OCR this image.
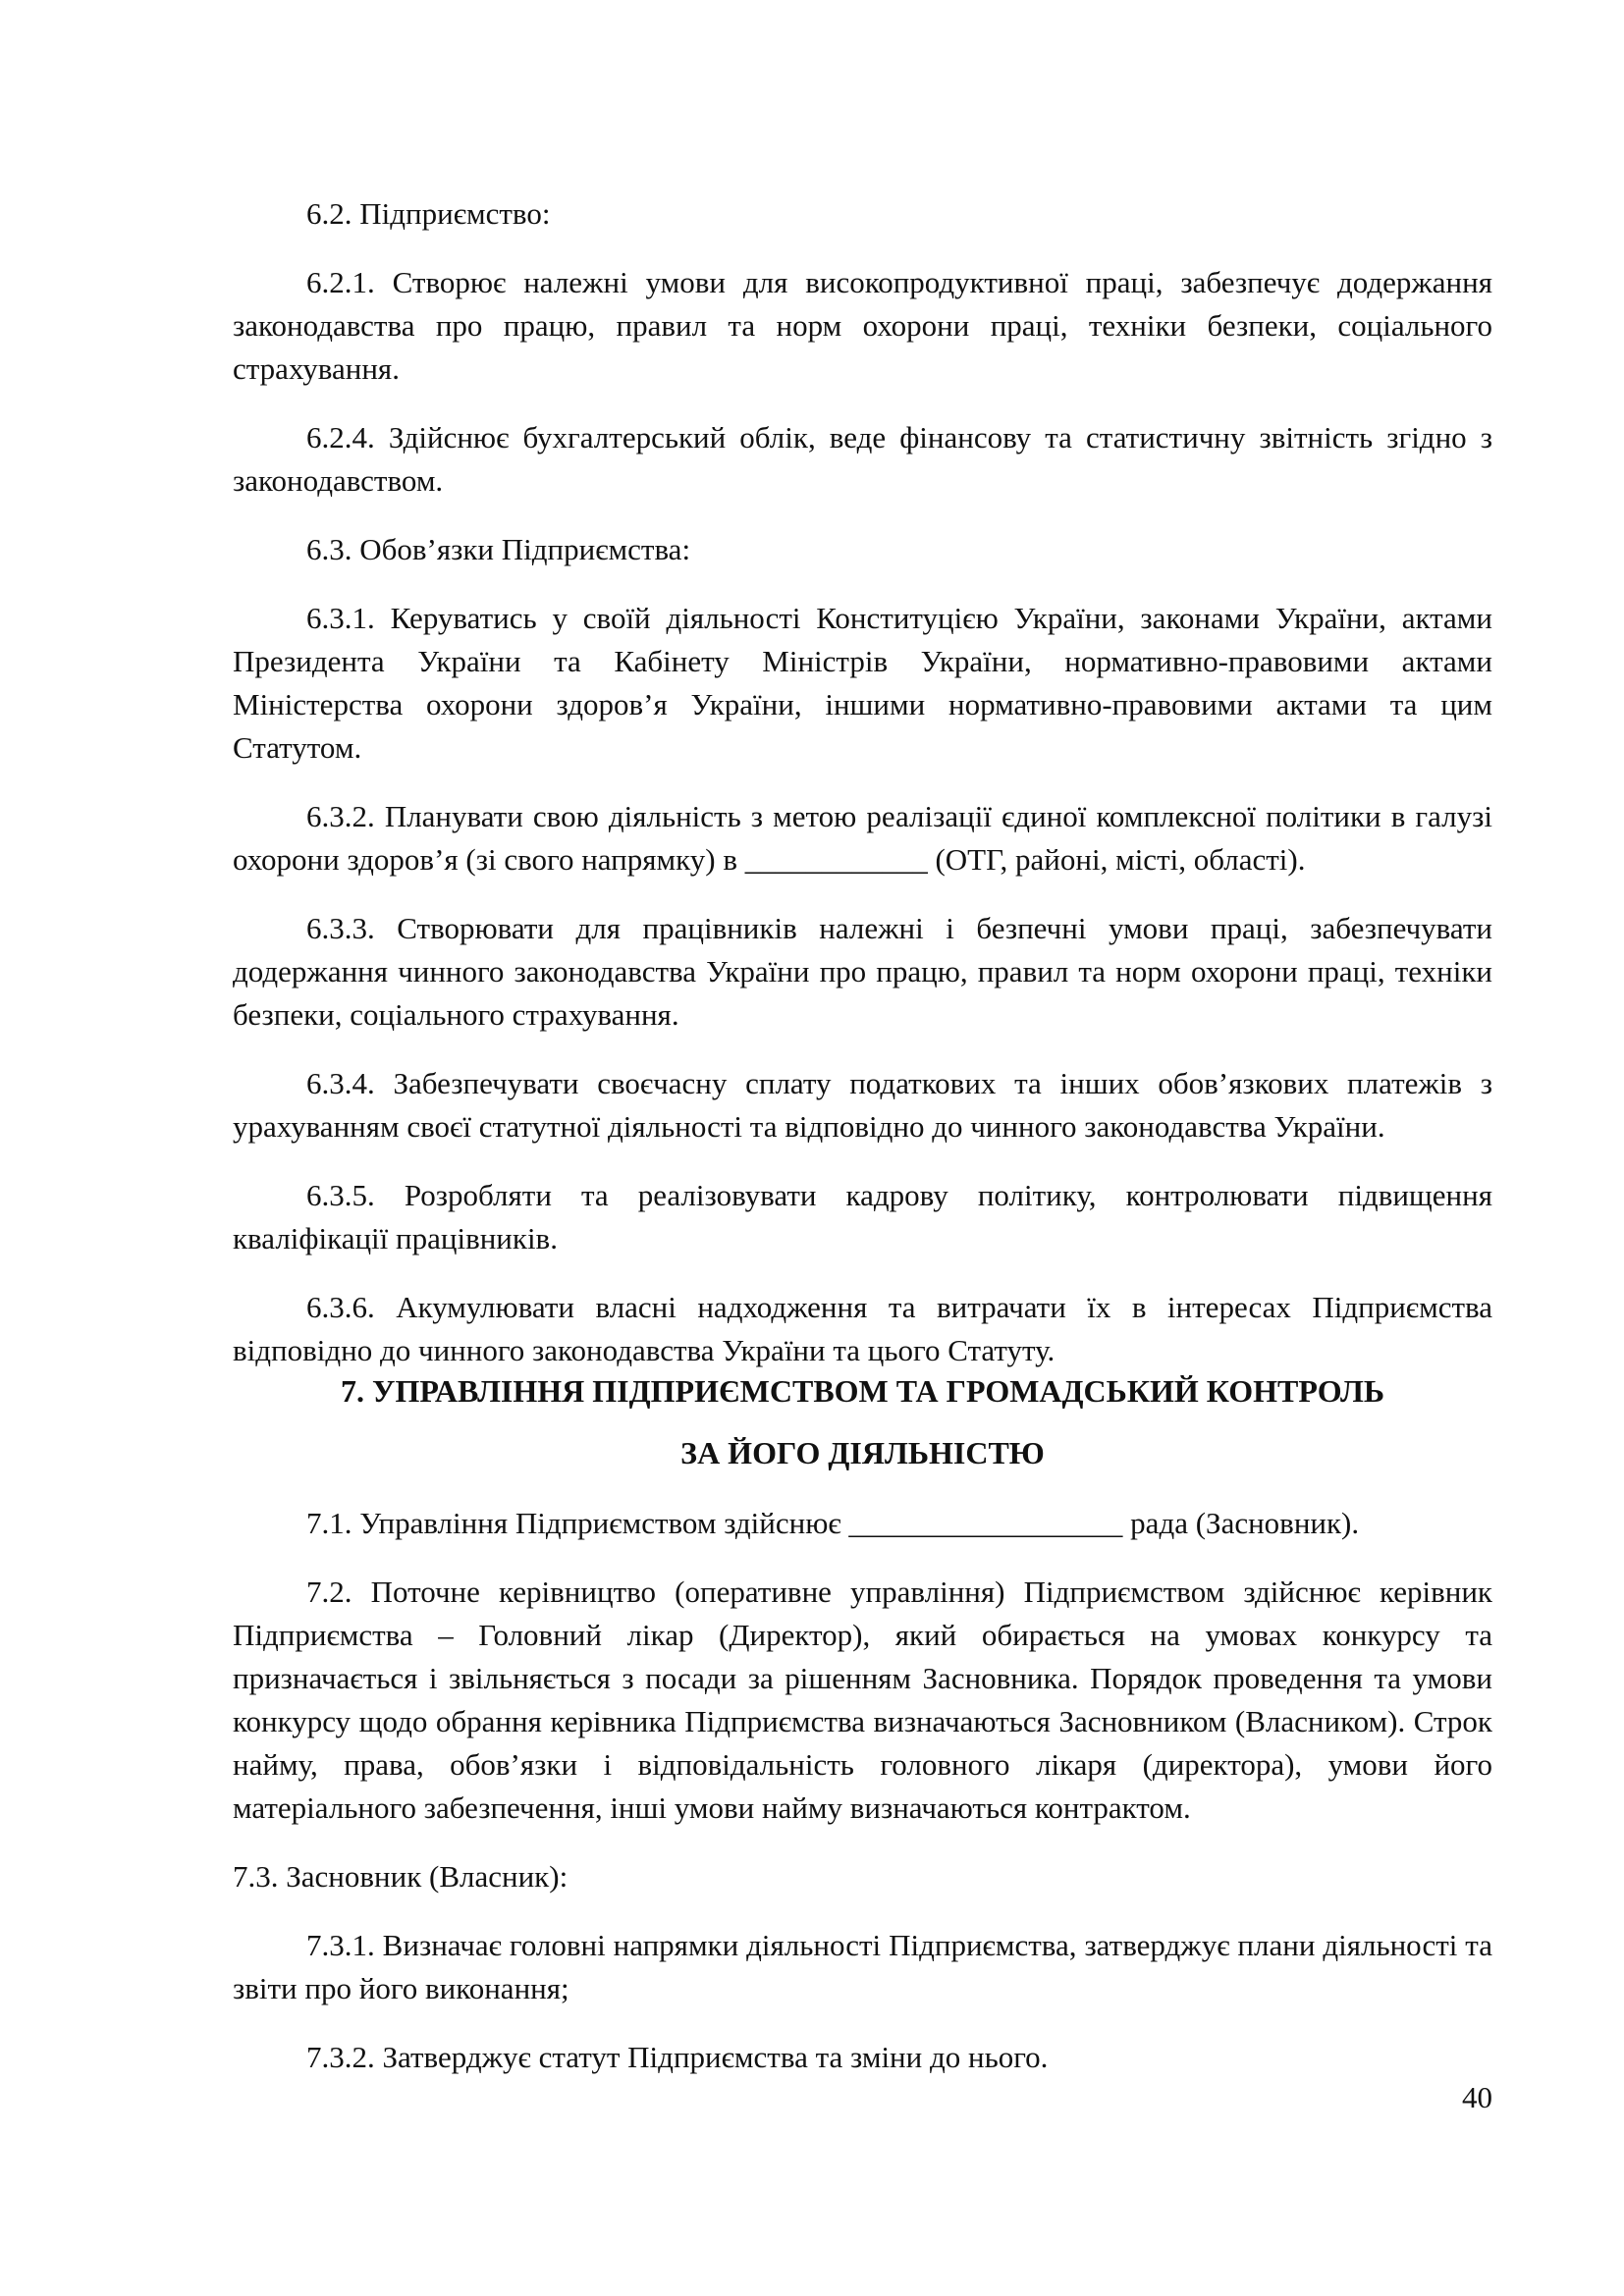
6.2. Підприємство:

6.2.1. Створює належні умови для високопродуктивної праці, забезпечує додержання законодавства про працю, правил та норм охорони праці, техніки безпеки, соціального страхування.

6.2.4. Здійснює бухгалтерський облік, веде фінансову та статистичну звітність згідно з законодавством.

6.3. Обов’язки Підприємства:

6.3.1. Керуватись у своїй діяльності Конституцією України, законами України, актами Президента України та Кабінету Міністрів України, нормативно-правовими актами Міністерства охорони здоров’я України, іншими нормативно-правовими актами та цим Статутом.

6.3.2. Планувати свою діяльність з метою реалізації єдиної комплексної політики в галузі охорони здоров’я (зі свого напрямку) в ____________ (ОТГ, районі, місті, області).

6.3.3. Створювати для працівників належні і безпечні умови праці, забезпечувати додержання чинного законодавства України про працю, правил та норм охорони праці, техніки безпеки, соціального страхування.

6.3.4. Забезпечувати своєчасну сплату податкових та інших обов’язкових платежів з урахуванням своєї статутної діяльності та відповідно до чинного законодавства України.

6.3.5. Розробляти та реалізовувати кадрову політику, контролювати підвищення кваліфікації працівників.

6.3.6. Акумулювати власні надходження та витрачати їх в інтересах Підприємства відповідно до чинного законодавства України та цього Статуту.

7. УПРАВЛІННЯ ПІДПРИЄМСТВОМ ТА ГРОМАДСЬКИЙ КОНТРОЛЬ
ЗА ЙОГО ДІЯЛЬНІСТЮ

7.1. Управління Підприємством здійснює __________________ рада (Засновник).

7.2. Поточне керівництво (оперативне управління) Підприємством здійснює керівник Підприємства – Головний лікар (Директор), який обирається на умовах конкурсу та призначається і звільняється з посади за рішенням Засновника. Порядок проведення та умови конкурсу щодо обрання керівника Підприємства визначаються Засновником (Власником). Строк найму, права, обов’язки і відповідальність головного лікаря (директора), умови його матеріального забезпечення, інші умови найму визначаються контрактом.

7.3. Засновник (Власник):

7.3.1. Визначає головні напрямки діяльності Підприємства, затверджує плани діяльності та звіти про його виконання;

7.3.2. Затверджує статут Підприємства та зміни до нього.

40
